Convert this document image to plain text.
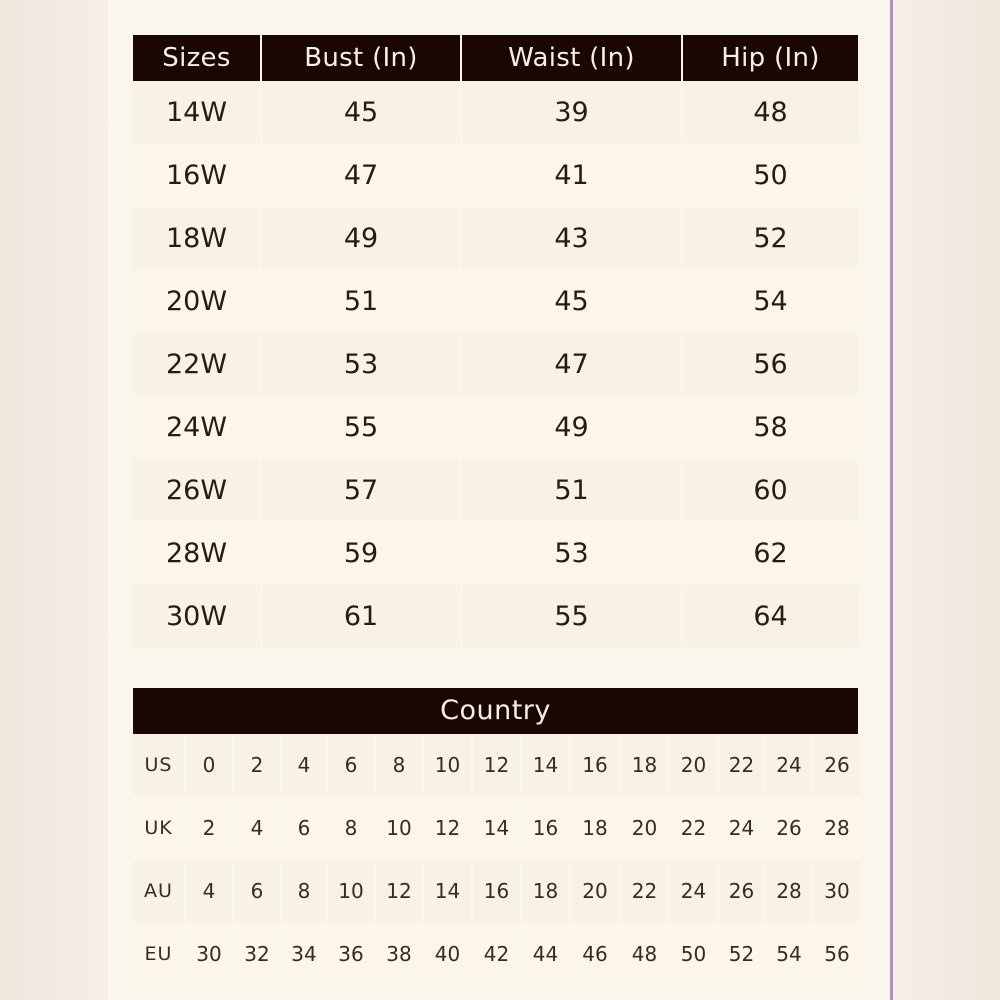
Sizes	Bust (In)	Waist (In)	Hip (In)
14W	45	39	48
16W	47	41	50
18W	49	43	52
20W	51	45	54
22W	53	47	56
24W	55	49	58
26W	57	51	60
28W	59	53	62
30W	61	55	64
Country
US	0	2	4	6	8	10	12	14	16	18	20	22	24	26
UK	2	4	6	8	10	12	14	16	18	20	22	24	26	28
AU	4	6	8	10	12	14	16	18	20	22	24	26	28	30
EU	30	32	34	36	38	40	42	44	46	48	50	52	54	56
